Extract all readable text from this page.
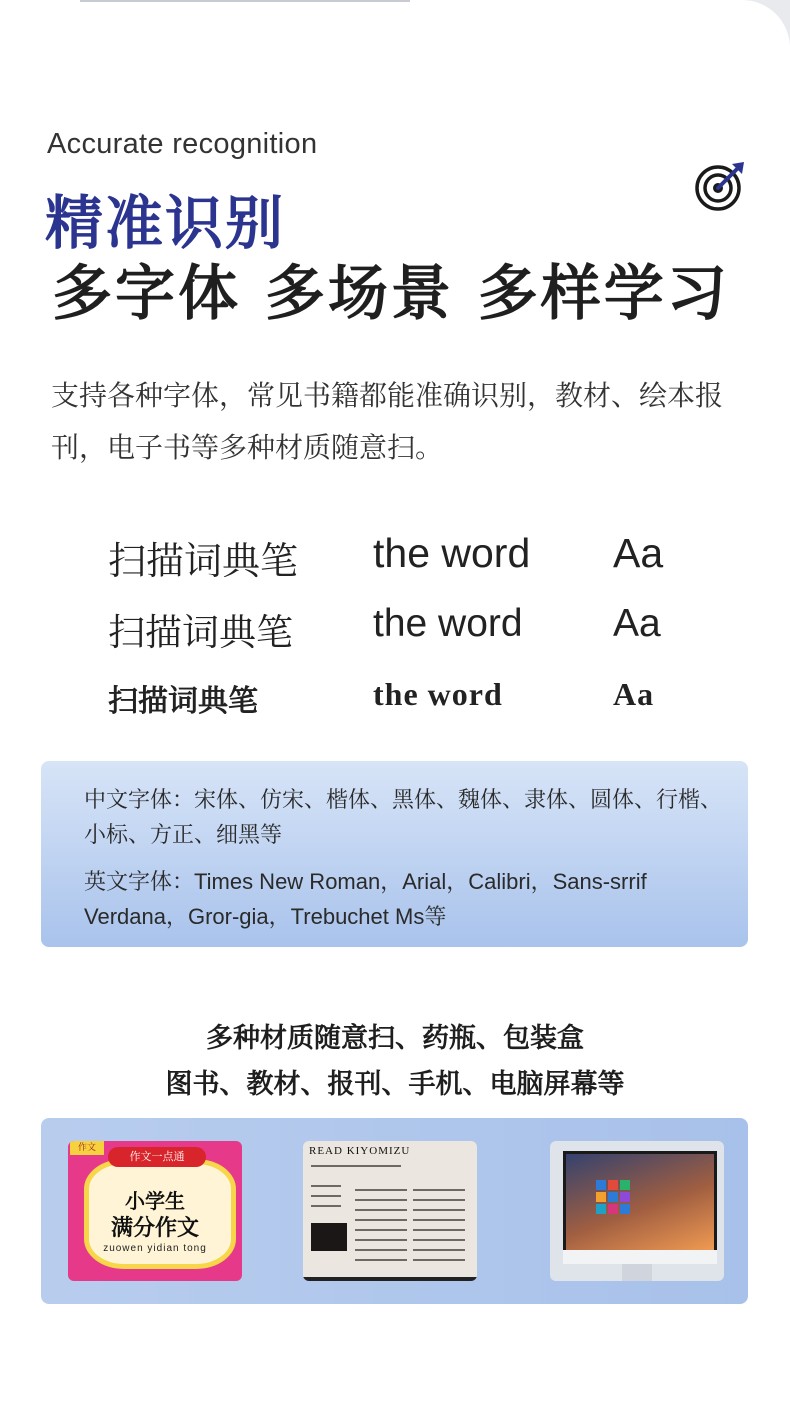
Accurate recognition
精准识别
多字体 多场景 多样学习
支持各种字体，常见书籍都能准确识别，教材、绘本报刊，电子书等多种材质随意扫。
扫描词典笔 the word Aa
扫描词典笔 the word Aa
扫描词典笔	the word	Aa

中文字体：宋体、仿宋、楷体、黑体、魏体、隶体、圆体、行楷、小标、方正、细黑等

英文字体：Times New Roman，Arial，Calibri，Sans-srrif Verdana，Gror-gia，Trebuchet Ms等

多种材质随意扫、药瓶、包装盒
图书、教材、报刊、手机、电脑屏幕等
作文
作文一点通
小学生
满分作文
zuowen yidian tong
READ KIYOMIZU
